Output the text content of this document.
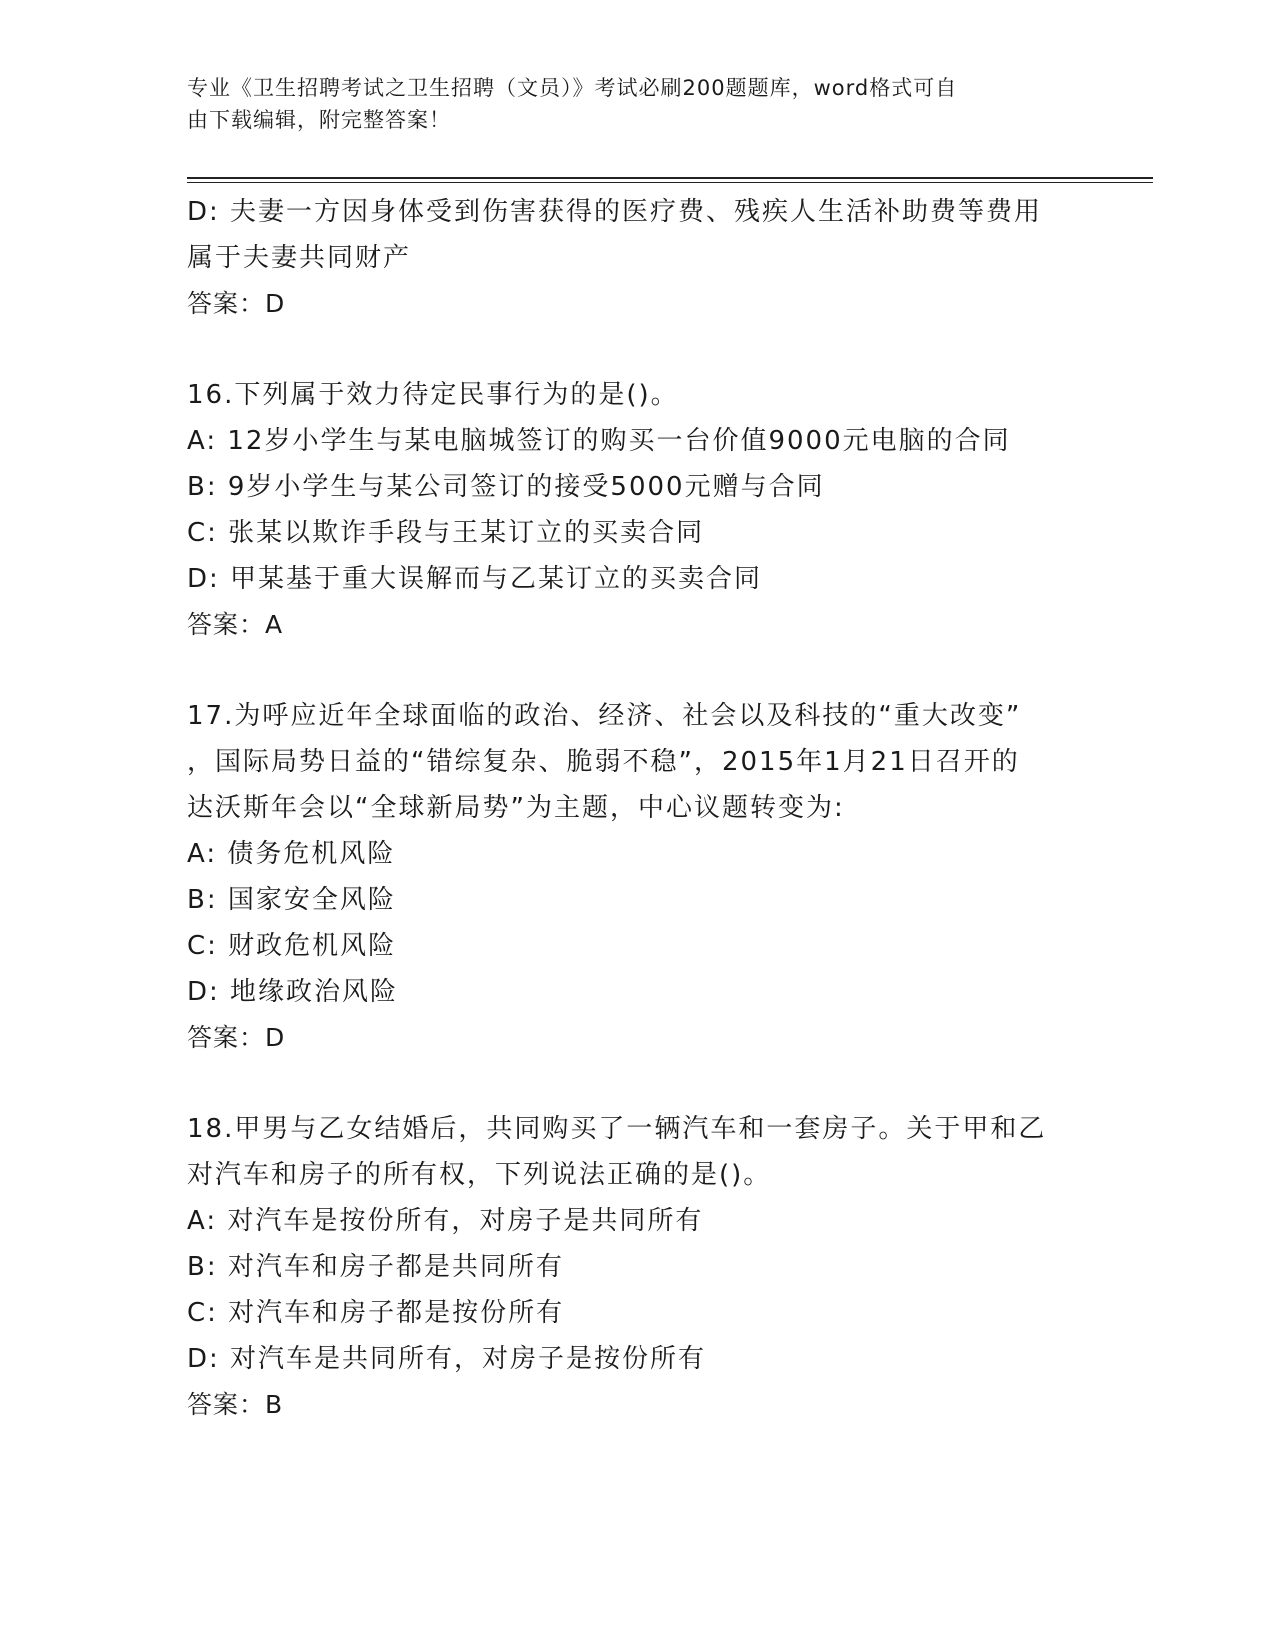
专业《卫生招聘考试之卫生招聘（文员）》考试必刷200题题库，word格式可自
由下载编辑，附完整答案！
D: 夫妻一方因身体受到伤害获得的医疗费、残疾人生活补助费等费用
属于夫妻共同财产
答案：D
16.下列属于效力待定民事行为的是()。
A: 12岁小学生与某电脑城签订的购买一台价值9000元电脑的合同
B: 9岁小学生与某公司签订的接受5000元赠与合同
C: 张某以欺诈手段与王某订立的买卖合同
D: 甲某基于重大误解而与乙某订立的买卖合同
答案：A
17.为呼应近年全球面临的政治、经济、社会以及科技的“重大改变”
，国际局势日益的“错综复杂、脆弱不稳”，2015年1月21日召开的
达沃斯年会以“全球新局势”为主题，中心议题转变为:
A: 债务危机风险
B: 国家安全风险
C: 财政危机风险
D: 地缘政治风险
答案：D
18.甲男与乙女结婚后，共同购买了一辆汽车和一套房子。关于甲和乙
对汽车和房子的所有权，下列说法正确的是()。
A: 对汽车是按份所有，对房子是共同所有
B: 对汽车和房子都是共同所有
C: 对汽车和房子都是按份所有
D: 对汽车是共同所有，对房子是按份所有
答案：B
